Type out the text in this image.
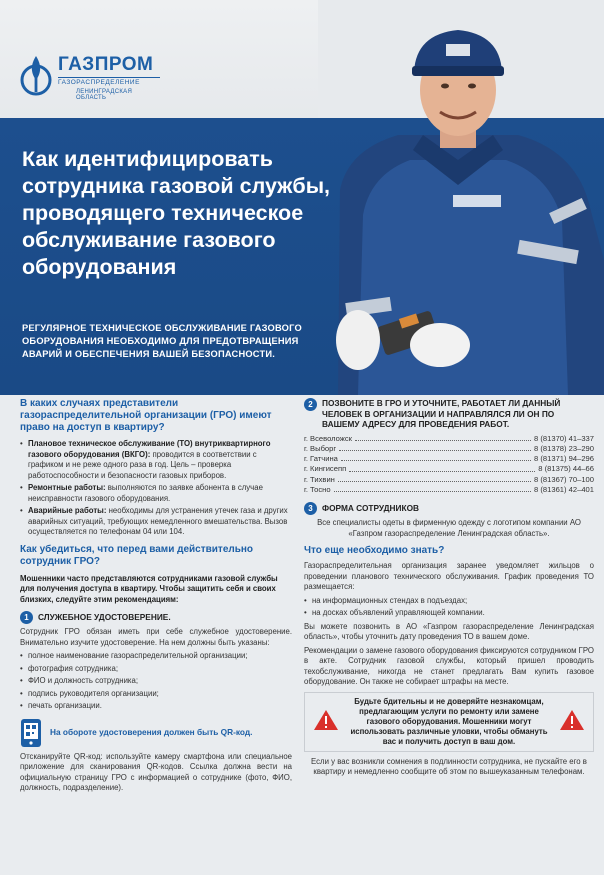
ГАЗПРОМ
ГАЗОРАСПРЕДЕЛЕНИЕ
ЛЕНИНГРАДСКАЯ ОБЛАСТЬ
Как идентифицировать сотрудника газовой службы, проводящего техническое обслуживание газового оборудования
РЕГУЛЯРНОЕ ТЕХНИЧЕСКОЕ ОБСЛУЖИВАНИЕ ГАЗОВОГО ОБОРУДОВАНИЯ НЕОБХОДИМО ДЛЯ ПРЕДОТВРАЩЕНИЯ АВАРИЙ И ОБЕСПЕЧЕНИЯ ВАШЕЙ БЕЗОПАСНОСТИ.
В каких случаях представители газораспределительной организации (ГРО) имеют право на доступ в квартиру?
• Плановое техническое обслуживание (ТО) внутриквартирного газового оборудования (ВКГО): проводится в соответствии с графиком и не реже одного раза в год. Цель – проверка работоспособности и безопасности газовых приборов.
• Ремонтные работы: выполняются по заявке абонента в случае неисправности газового оборудования.
• Аварийные работы: необходимы для устранения утечек газа и других аварийных ситуаций, требующих немедленного вмешательства. Вызов осуществляется по телефонам 04 или 104.
Как убедиться, что перед вами действительно сотрудник ГРО?

Мошенники часто представляются сотрудниками газовой службы для получения доступа в квартиру. Чтобы защитить себя и своих близких, следуйте этим рекомендациям:

1	СЛУЖЕБНОЕ УДОСТОВЕРЕНИЕ.

Сотрудник ГРО обязан иметь при себе служебное удостоверение. Внимательно изучите удостоверение. На нем должны быть указаны:

• полное наименование газораспределительной организации;
• фотография сотрудника;
• ФИО и должность сотрудника;
• подпись руководителя организации;
• печать организации.
На обороте удостоверения должен быть QR-код.

Отсканируйте QR-код: используйте камеру смартфона или специальное приложение для сканирования QR-кодов. Ссылка должна вести на официальную страницу ГРО с информацией о сотруднике (фото, ФИО, должность, подразделение).

2	ПОЗВОНИТЕ В ГРО И УТОЧНИТЕ, РАБОТАЕТ ЛИ ДАННЫЙ ЧЕЛОВЕК В ОРГАНИЗАЦИИ И НАПРАВЛЯЛСЯ ЛИ ОН ПО ВАШЕМУ АДРЕСУ ДЛЯ ПРОВЕДЕНИЯ РАБОТ.
г. Всеволожск	8 (81370) 41–337
г. Выборг	8 (81378) 23–290
г. Гатчина	8 (81371) 94–296
г. Кингисепп	8 (81375) 44–66
г. Тихвин	8 (81367) 70–100
г. Тосно	8 (81361) 42–401
3	ФОРМА СОТРУДНИКОВ

Все специалисты одеты в фирменную одежду с логотипом компании АО «Газпром газораспределение Ленинградская область».

Что еще необходимо знать?

Газораспределительная организация заранее уведомляет жильцов о проведении планового технического обслуживания. График проведения ТО размещается:

• на информационных стендах в подъездах;
• на досках объявлений управляющей компании.

Вы можете позвонить в АО «Газпром газораспределение Ленинградская область», чтобы уточнить дату проведения ТО в вашем доме.

Рекомендации о замене газового оборудования фиксируются сотрудником ГРО в акте. Сотрудник газовой службы, который пришел проводить техобслуживание, никогда не станет предлагать Вам купить газовое оборудование. Он также не собирает штрафы на месте.

Будьте бдительны и не доверяйте незнакомцам, предлагающим услуги по ремонту или замене газового оборудования. Мошенники могут использовать различные уловки, чтобы обмануть вас и получить доступ в ваш дом.

Если у вас возникли сомнения в подлинности сотрудника, не пускайте его в квартиру и немедленно сообщите об этом по вышеуказанным телефонам.
